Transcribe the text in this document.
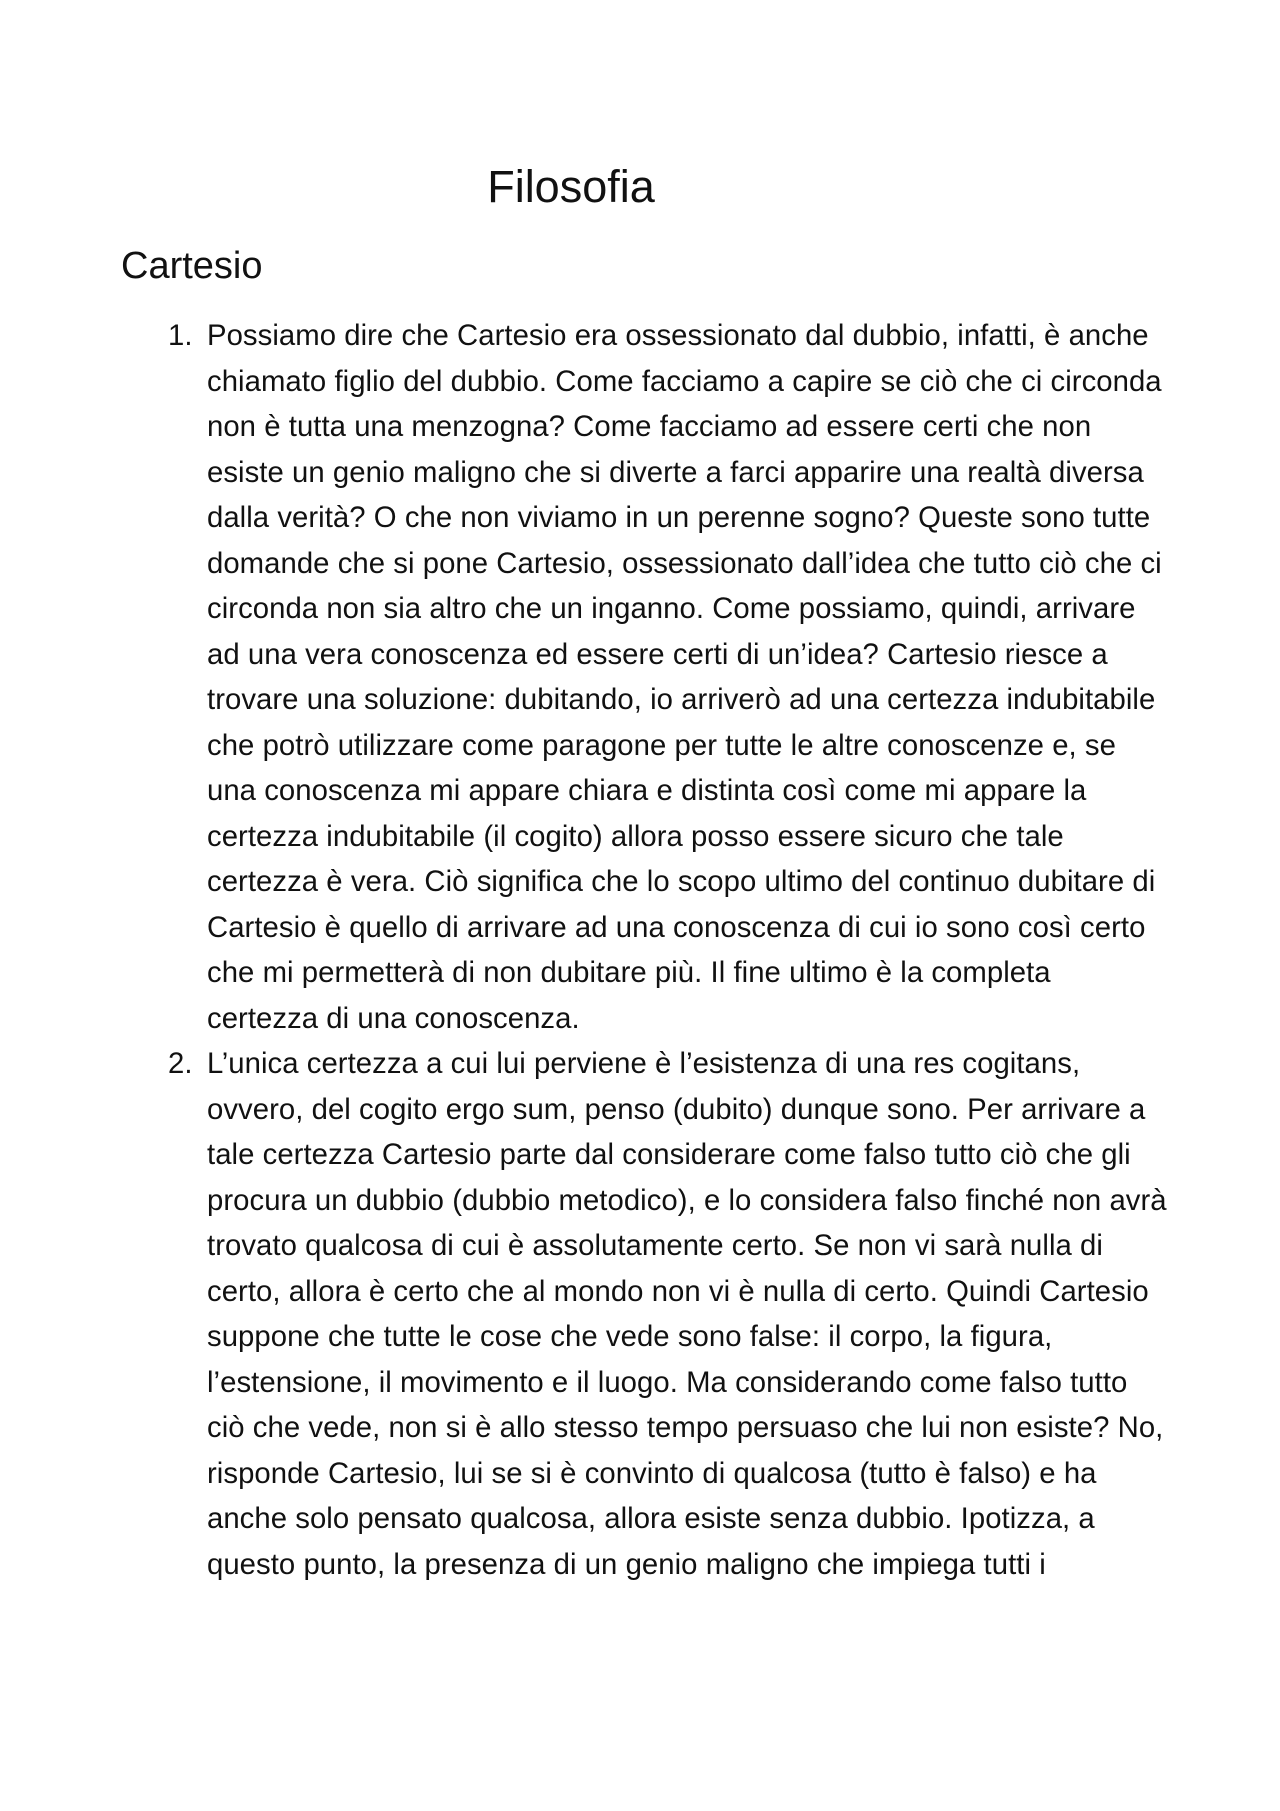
Filosofia
Cartesio
1. Possiamo dire che Cartesio era ossessionato dal dubbio, infatti, è anche chiamato figlio del dubbio. Come facciamo a capire se ciò che ci circonda non è tutta una menzogna? Come facciamo ad essere certi che non esiste un genio maligno che si diverte a farci apparire una realtà diversa dalla verità? O che non viviamo in un perenne sogno? Queste sono tutte domande che si pone Cartesio, ossessionato dall’idea che tutto ciò che ci circonda non sia altro che un inganno. Come possiamo, quindi, arrivare ad una vera conoscenza ed essere certi di un’idea? Cartesio riesce a trovare una soluzione: dubitando, io arriverò ad una certezza indubitabile che potrò utilizzare come paragone per tutte le altre conoscenze e, se una conoscenza mi appare chiara e distinta così come mi appare la certezza indubitabile (il cogito) allora posso essere sicuro che tale certezza è vera. Ciò significa che lo scopo ultimo del continuo dubitare di Cartesio è quello di arrivare ad una conoscenza di cui io sono così certo che mi permetterà di non dubitare più. Il fine ultimo è la completa certezza di una conoscenza.
2. L’unica certezza a cui lui perviene è l’esistenza di una res cogitans, ovvero, del cogito ergo sum, penso (dubito) dunque sono. Per arrivare a tale certezza Cartesio parte dal considerare come falso tutto ciò che gli procura un dubbio (dubbio metodico), e lo considera falso finché non avrà trovato qualcosa di cui è assolutamente certo. Se non vi sarà nulla di certo, allora è certo che al mondo non vi è nulla di certo. Quindi Cartesio suppone che tutte le cose che vede sono false: il corpo, la figura, l’estensione, il movimento e il luogo. Ma considerando come falso tutto ciò che vede, non si è allo stesso tempo persuaso che lui non esiste? No, risponde Cartesio, lui se si è convinto di qualcosa (tutto è falso) e ha anche solo pensato qualcosa, allora esiste senza dubbio. Ipotizza, a questo punto, la presenza di un genio maligno che impiega tutti i
